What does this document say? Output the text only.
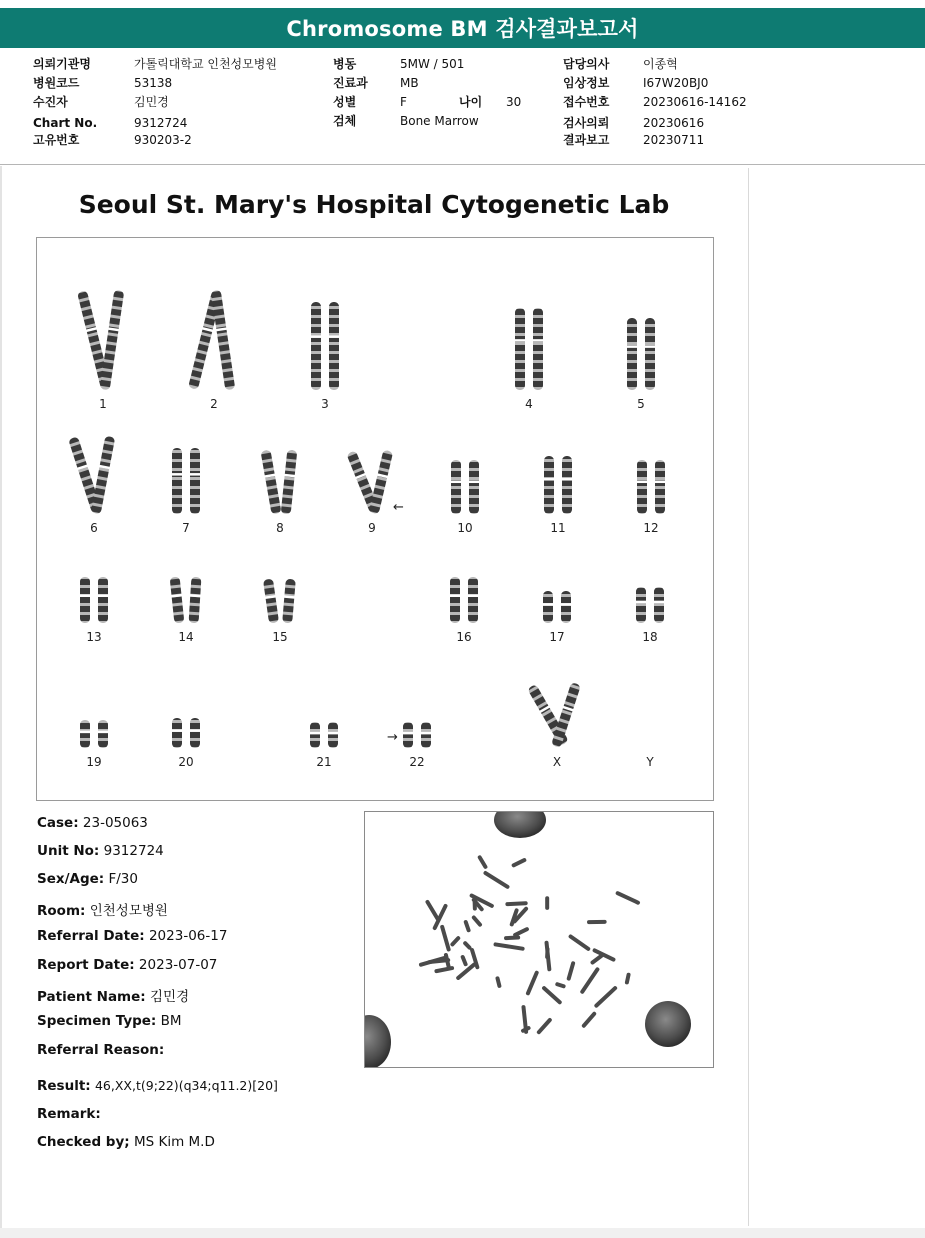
Chromosome BM 검사결과보고서
의뢰기관명	가톨릭대학교 인천성모병원
병원코드	53138
수진자	김민경
Chart No.	9312724
고유번호	930203-2
병동	5MW / 501
진료과	MB
성별	F	나이 30
검체	Bone Marrow
담당의사	이종혁
임상정보	I67W20BJ0
접수번호	20230616-14162
검사의뢰	20230616
결과보고	20230711
Seoul St. Mary's Hospital Cytogenetic Lab
1	2	3	4	5
6	7	8	9	10	11	12
13	14	15	16	17	18
19	20	21	22	X	Y
←
→
Case: 23-05063
Unit No: 9312724
Sex/Age: F/30
Room: 인천성모병원
Referral Date: 2023-06-17
Report Date: 2023-07-07
Patient Name: 김민경
Specimen Type: BM
Referral Reason:
Result: 46,XX,t(9;22)(q34;q11.2)[20]
Remark:
Checked by; MS Kim M.D
